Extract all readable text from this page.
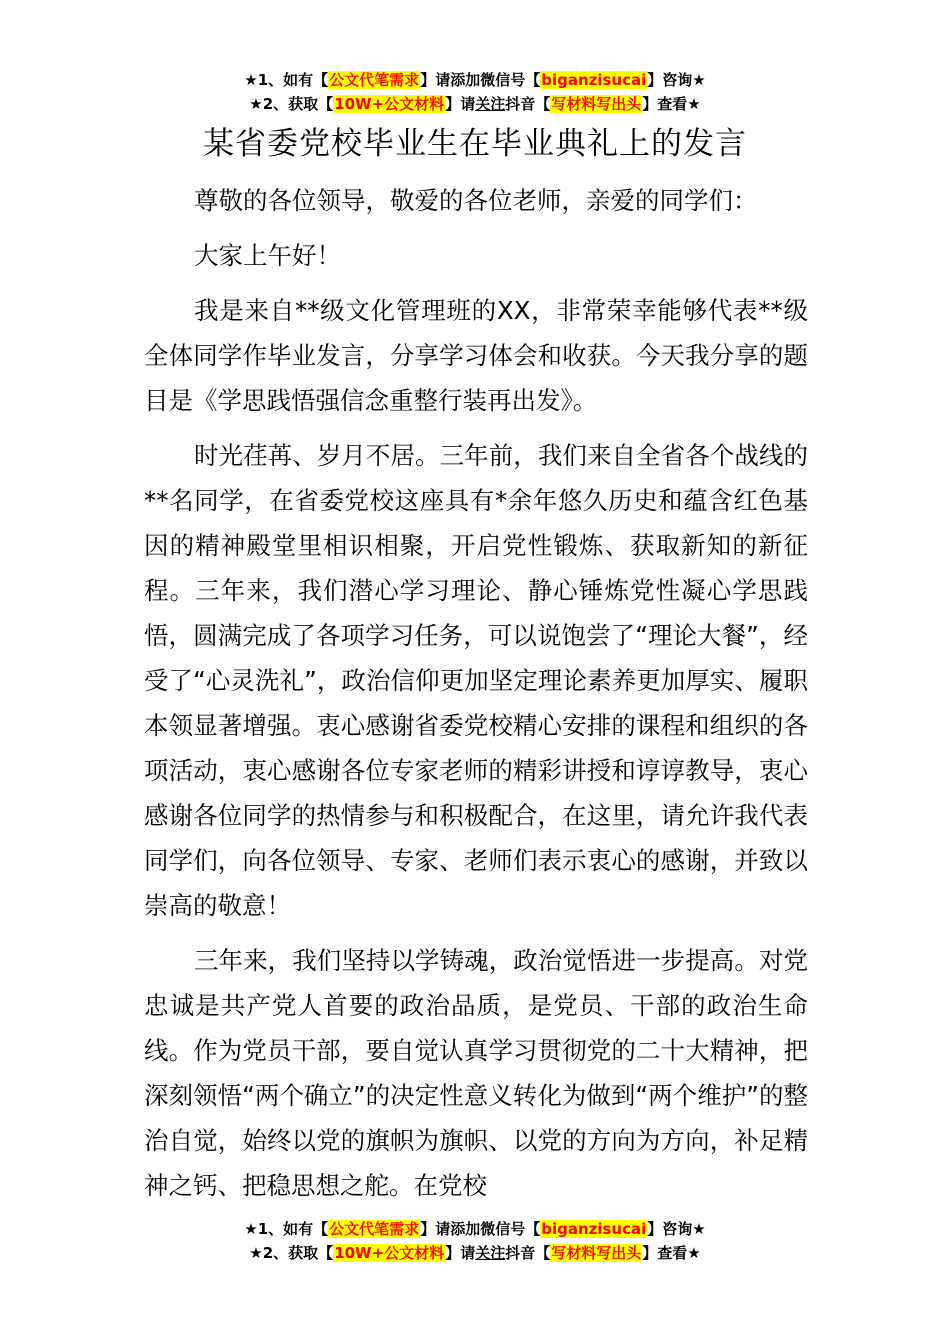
★1、如有【公文代笔需求】请添加微信号【biganzisucai】咨询★
★2、获取【10W+公文材料】请关注抖音【写材料写出头】查看★
某省委党校毕业生在毕业典礼上的发言

尊敬的各位领导，敬爱的各位老师，亲爱的同学们：

大家上午好！

我是来自**级文化管理班的XX，非常荣幸能够代表**级全体同学作毕业发言，分享学习体会和收获。今天我分享的题目是《学思践悟强信念重整行装再出发》。

时光荏苒、岁月不居。三年前，我们来自全省各个战线的**名同学，在省委党校这座具有*余年悠久历史和蕴含红色基因的精神殿堂里相识相聚，开启党性锻炼、获取新知的新征程。三年来，我们潜心学习理论、静心锤炼党性凝心学思践悟，圆满完成了各项学习任务，可以说饱尝了“理论大餐”，经受了“心灵洗礼”，政治信仰更加坚定理论素养更加厚实、履职本领显著增强。衷心感谢省委党校精心安排的课程和组织的各项活动，衷心感谢各位专家老师的精彩讲授和谆谆教导，衷心感谢各位同学的热情参与和积极配合，在这里，请允许我代表同学们，向各位领导、专家、老师们表示衷心的感谢，并致以崇高的敬意！

三年来，我们坚持以学铸魂，政治觉悟进一步提高。对党忠诚是共产党人首要的政治品质，是党员、干部的政治生命线。作为党员干部，要自觉认真学习贯彻党的二十大精神，把深刻领悟“两个确立”的决定性意义转化为做到“两个维护”的整治自觉，始终以党的旗帜为旗帜、以党的方向为方向，补足精神之钙、把稳思想之舵。在党校

★1、如有【公文代笔需求】请添加微信号【biganzisucai】咨询★
★2、获取【10W+公文材料】请关注抖音【写材料写出头】查看★
